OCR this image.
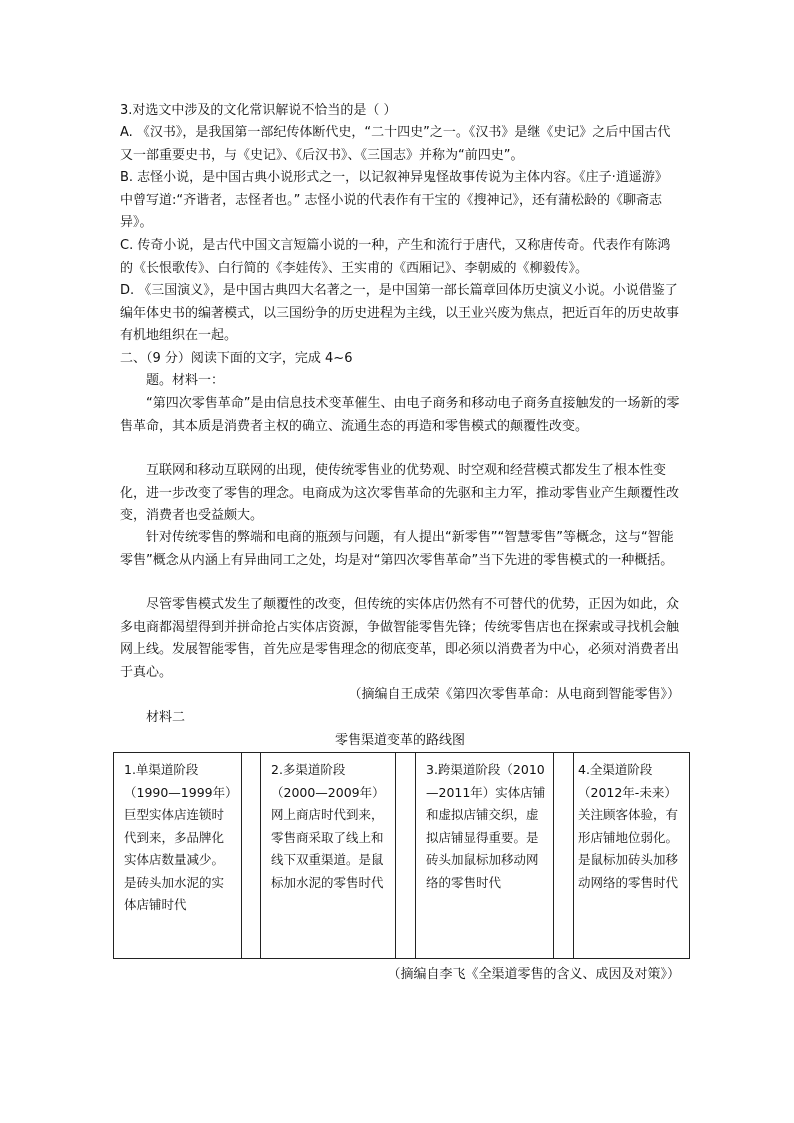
3.对选文中涉及的文化常识解说不恰当的是（ ）
A. 《汉书》，是我国第一部纪传体断代史，“二十四史”之一。《汉书》是继《史记》之后中国古代又一部重要史书，与《史记》、《后汉书》、《三国志》并称为“前四史”。
B. 志怪小说，是中国古典小说形式之一，以记叙神异鬼怪故事传说为主体内容。《庄子·逍遥游》中曾写道:“齐谐者，志怪者也。” 志怪小说的代表作有干宝的《搜神记》，还有蒲松龄的《聊斋志异》。
C. 传奇小说，是古代中国文言短篇小说的一种，产生和流行于唐代，又称唐传奇。代表作有陈鸿的《长恨歌传》、白行简的《李娃传》、王实甫的《西厢记》、李朝威的《柳毅传》。
D. 《三国演义》，是中国古典四大名著之一，是中国第一部长篇章回体历史演义小说。小说借鉴了编年体史书的编著模式，以三国纷争的历史进程为主线，以王业兴废为焦点，把近百年的历史故事有机地组织在一起。
二、（9 分）阅读下面的文字，完成 4~6
题。材料一：
“第四次零售革命”是由信息技术变革催生、由电子商务和移动电子商务直接触发的一场新的零售革命，其本质是消费者主权的确立、流通生态的再造和零售模式的颠覆性改变。
互联网和移动互联网的出现，使传统零售业的优势观、时空观和经营模式都发生了根本性变化，进一步改变了零售的理念。电商成为这次零售革命的先驱和主力军，推动零售业产生颠覆性改变，消费者也受益颇大。
针对传统零售的弊端和电商的瓶颈与问题，有人提出“新零售”“智慧零售”等概念，这与“智能零售”概念从内涵上有异曲同工之处，均是对“第四次零售革命”当下先进的零售模式的一种概括。
尽管零售模式发生了颠覆性的改变，但传统的实体店仍然有不可替代的优势，正因为如此，众多电商都渴望得到并拼命抢占实体店资源，争做智能零售先锋；传统零售店也在探索或寻找机会触网上线。发展智能零售，首先应是零售理念的彻底变革，即必须以消费者为中心，必须对消费者出于真心。
（摘编自王成荣《第四次零售革命：从电商到智能零售》）
材料二
零售渠道变革的路线图
1.单渠道阶段（1990—1999年）巨型实体店连锁时代到来，多品牌化实体店数量减少。是砖头加水泥的实体店铺时代

2.多渠道阶段（2000—2009年）网上商店时代到来，零售商采取了线上和线下双重渠道。是鼠标加水泥的零售时代

3.跨渠道阶段（2010—2011年）实体店铺和虚拟店铺交织，虚拟店铺显得重要。是砖头加鼠标加移动网络的零售时代

4.全渠道阶段（2012年-未来）关注顾客体验，有形店铺地位弱化。是鼠标加砖头加移动网络的零售时代
（摘编自李飞《全渠道零售的含义、成因及对策》）
